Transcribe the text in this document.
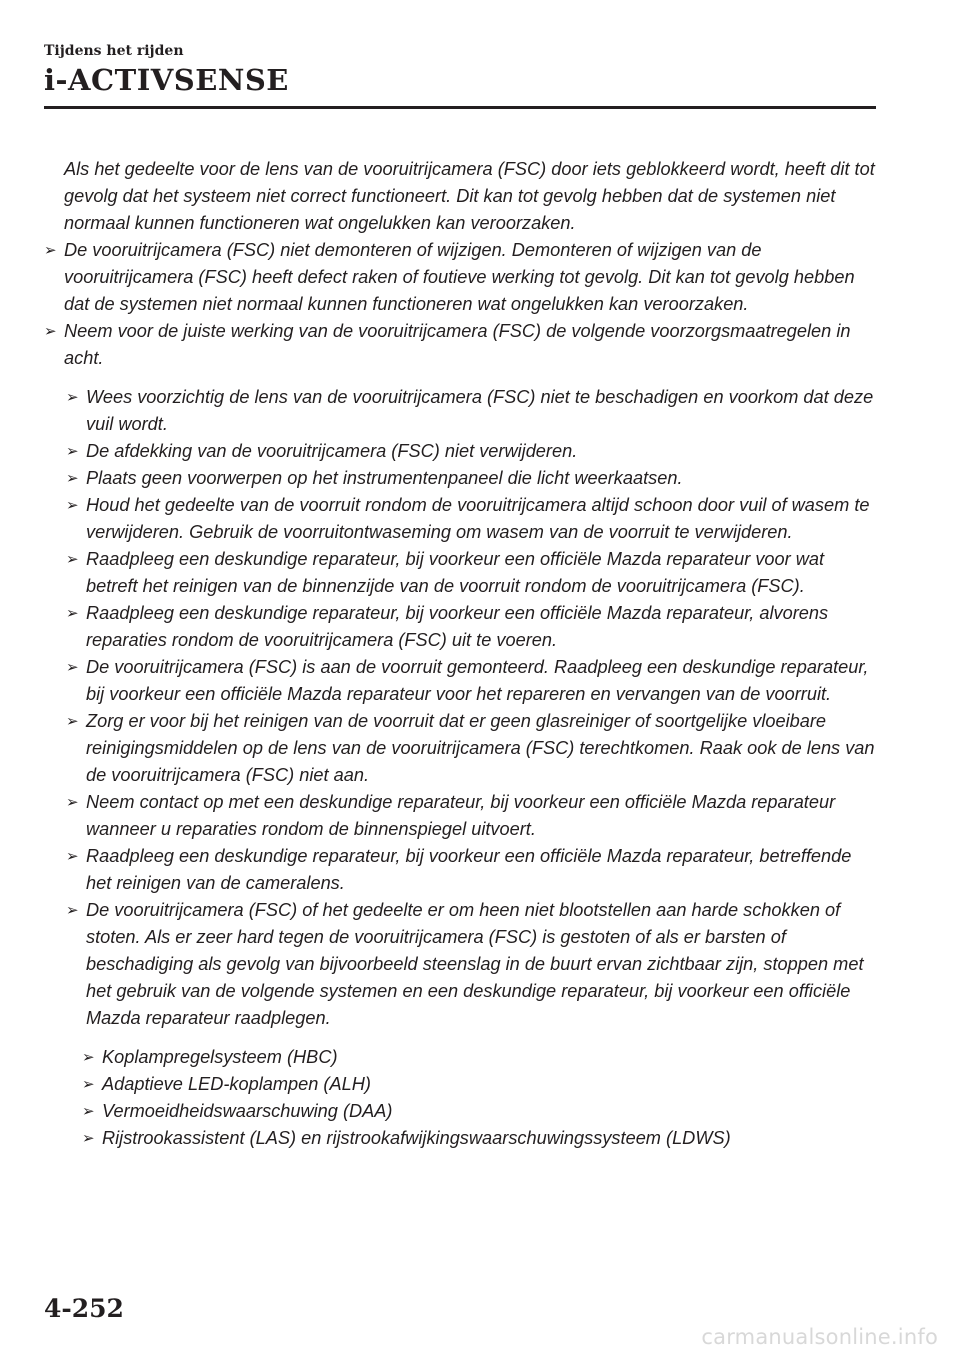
Tijdens het rijden
i-ACTIVSENSE

Als het gedeelte voor de lens van de vooruitrijcamera (FSC) door iets geblokkeerd wordt, heeft dit tot gevolg dat het systeem niet correct functioneert. Dit kan tot gevolg hebben dat de systemen niet normaal kunnen functioneren wat ongelukken kan veroorzaken.

➢ De vooruitrijcamera (FSC) niet demonteren of wijzigen. Demonteren of wijzigen van de vooruitrijcamera (FSC) heeft defect raken of foutieve werking tot gevolg. Dit kan tot gevolg hebben dat de systemen niet normaal kunnen functioneren wat ongelukken kan veroorzaken.
➢ Neem voor de juiste werking van de vooruitrijcamera (FSC) de volgende voorzorgsmaatregelen in acht.
➢ Wees voorzichtig de lens van de vooruitrijcamera (FSC) niet te beschadigen en voorkom dat deze vuil wordt.
➢ De afdekking van de vooruitrijcamera (FSC) niet verwijderen.
➢ Plaats geen voorwerpen op het instrumentenpaneel die licht weerkaatsen.
➢ Houd het gedeelte van de voorruit rondom de vooruitrijcamera altijd schoon door vuil of wasem te verwijderen. Gebruik de voorruitontwaseming om wasem van de voorruit te verwijderen.
➢ Raadpleeg een deskundige reparateur, bij voorkeur een officiële Mazda reparateur voor wat betreft het reinigen van de binnenzijde van de voorruit rondom de vooruitrijcamera (FSC).
➢ Raadpleeg een deskundige reparateur, bij voorkeur een officiële Mazda reparateur, alvorens reparaties rondom de vooruitrijcamera (FSC) uit te voeren.
➢ De vooruitrijcamera (FSC) is aan de voorruit gemonteerd. Raadpleeg een deskundige reparateur, bij voorkeur een officiële Mazda reparateur voor het repareren en vervangen van de voorruit.
➢ Zorg er voor bij het reinigen van de voorruit dat er geen glasreiniger of soortgelijke vloeibare reinigingsmiddelen op de lens van de vooruitrijcamera (FSC) terechtkomen. Raak ook de lens van de vooruitrijcamera (FSC) niet aan.
➢ Neem contact op met een deskundige reparateur, bij voorkeur een officiële Mazda reparateur wanneer u reparaties rondom de binnenspiegel uitvoert.
➢ Raadpleeg een deskundige reparateur, bij voorkeur een officiële Mazda reparateur, betreffende het reinigen van de cameralens.
➢ De vooruitrijcamera (FSC) of het gedeelte er om heen niet blootstellen aan harde schokken of stoten. Als er zeer hard tegen de vooruitrijcamera (FSC) is gestoten of als er barsten of beschadiging als gevolg van bijvoorbeeld steenslag in de buurt ervan zichtbaar zijn, stoppen met het gebruik van de volgende systemen en een deskundige reparateur, bij voorkeur een officiële Mazda reparateur raadplegen.
➢ Koplampregelsysteem (HBC)
➢ Adaptieve LED-koplampen (ALH)
➢ Vermoeidheidswaarschuwing (DAA)
➢ Rijstrookassistent (LAS) en rijstrookafwijkingswaarschuwingssysteem (LDWS)
4-252
carmanualsonline.info
